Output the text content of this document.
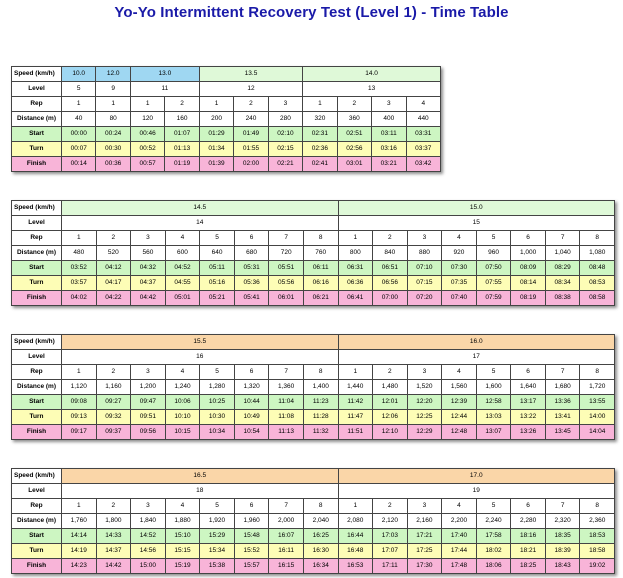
Yo-Yo Intermittent Recovery Test (Level 1) - Time Table
Speed (km/h)	10.0	12.0	13.0		13.5			14.0			
Level	5	9	11		12			13			
Rep	1	1	1	2	1	2	3	1	2	3	4
Distance (m)	40	80	120	160	200	240	280	320	360	400	440
Start	00:00	00:24	00:46	01:07	01:29	01:49	02:10	02:31	02:51	03:11	03:31
Turn	00:07	00:30	00:52	01:13	01:34	01:55	02:15	02:36	02:56	03:16	03:37
Finish	00:14	00:36	00:57	01:19	01:39	02:00	02:21	02:41	03:01	03:21	03:42
Speed (km/h)	14.5								15.0							
Level	14								15							
Rep	1	2	3	4	5	6	7	8	1	2	3	4	5	6	7	8
Distance (m)	480	520	560	600	640	680	720	760	800	840	880	920	960	1,000	1,040	1,080
Start	03:52	04:12	04:32	04:52	05:11	05:31	05:51	06:11	06:31	06:51	07:10	07:30	07:50	08:09	08:29	08:48
Turn	03:57	04:17	04:37	04:55	05:16	05:36	05:56	06:16	06:36	06:56	07:15	07:35	07:55	08:14	08:34	08:53
Finish	04:02	04:22	04:42	05:01	05:21	05:41	06:01	06:21	06:41	07:00	07:20	07:40	07:59	08:19	08:38	08:58
Speed (km/h)	15.5								16.0							
Level	16								17							
Rep	1	2	3	4	5	6	7	8	1	2	3	4	5	6	7	8
Distance (m)	1,120	1,160	1,200	1,240	1,280	1,320	1,360	1,400	1,440	1,480	1,520	1,560	1,600	1,640	1,680	1,720
Start	09:08	09:27	09:47	10:06	10:25	10:44	11:04	11:23	11:42	12:01	12:20	12:39	12:58	13:17	13:36	13:55
Turn	09:13	09:32	09:51	10:10	10:30	10:49	11:08	11:28	11:47	12:06	12:25	12:44	13:03	13:22	13:41	14:00
Finish	09:17	09:37	09:56	10:15	10:34	10:54	11:13	11:32	11:51	12:10	12:29	12:48	13:07	13:26	13:45	14:04
Speed (km/h)	16.5								17.0							
Level	18								19							
Rep	1	2	3	4	5	6	7	8	1	2	3	4	5	6	7	8
Distance (m)	1,760	1,800	1,840	1,880	1,920	1,960	2,000	2,040	2,080	2,120	2,160	2,200	2,240	2,280	2,320	2,360
Start	14:14	14:33	14:52	15:10	15:29	15:48	16:07	16:25	16:44	17:03	17:21	17:40	17:58	18:16	18:35	18:53
Turn	14:19	14:37	14:56	15:15	15:34	15:52	16:11	16:30	16:48	17:07	17:25	17:44	18:02	18:21	18:39	18:58
Finish	14:23	14:42	15:00	15:19	15:38	15:57	16:15	16:34	16:53	17:11	17:30	17:48	18:06	18:25	18:43	19:02
